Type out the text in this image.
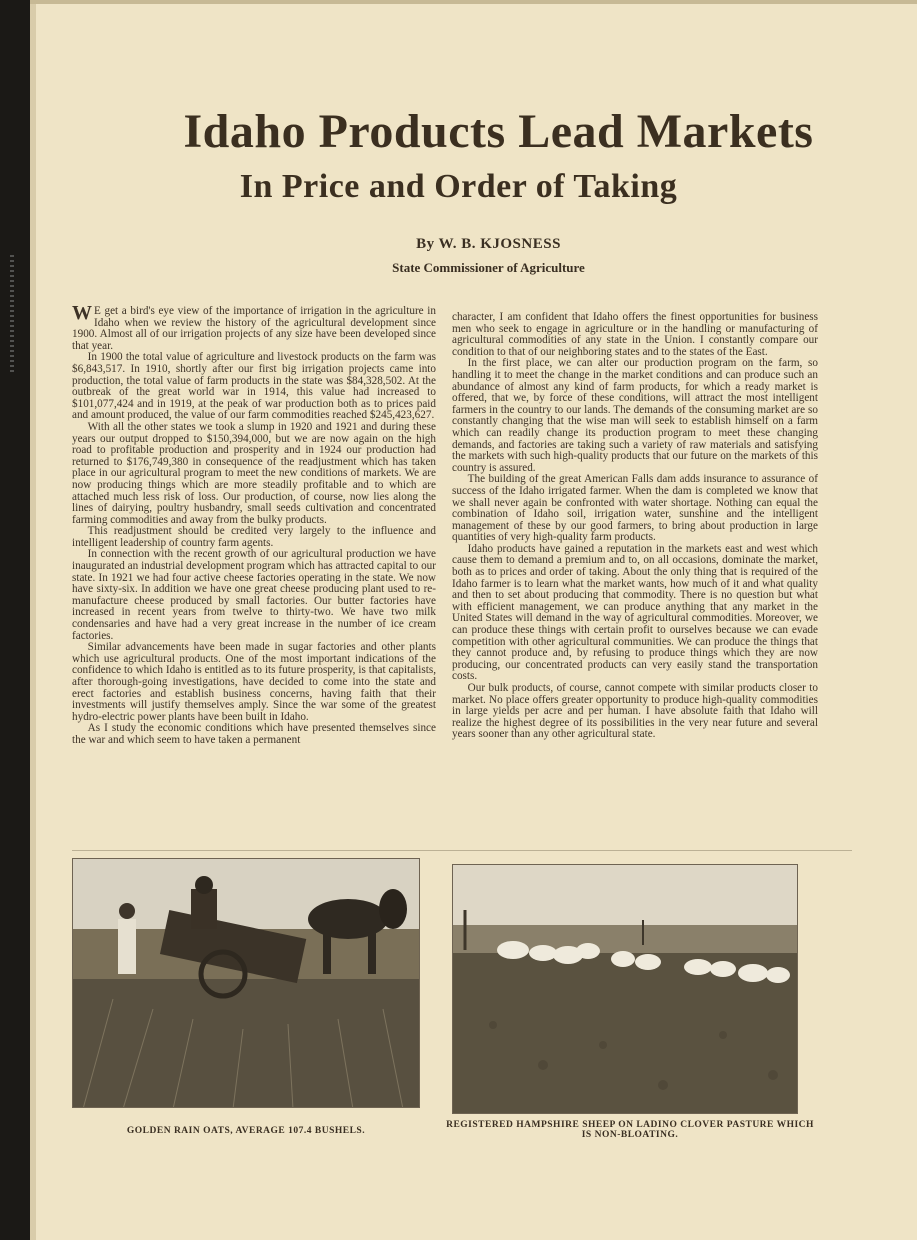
Idaho Products Lead Markets
In Price and Order of Taking
By W. B. KJOSNESS
State Commissioner of Agriculture

W E get a bird's eye view of the importance of irrigation in the agriculture in Idaho when we review the history of the agricultural development since 1900. Almost all of our irrigation projects of any size have been developed since that year.

In 1900 the total value of agriculture and livestock products on the farm was $6,843,517. In 1910, shortly after our first big irrigation projects came into production, the total value of farm products in the state was $84,328,502. At the outbreak of the great world war in 1914, this value had increased to $101,077,424 and in 1919, at the peak of war production both as to prices paid and amount produced, the value of our farm commodities reached $245,423,627.

With all the other states we took a slump in 1920 and 1921 and during these years our output dropped to $150,394,000, but we are now again on the high road to profitable production and prosperity and in 1924 our production had returned to $176,749,380 in consequence of the readjustment which has taken place in our agricultural program to meet the new conditions of markets. We are now producing things which are more steadily profitable and to which are attached much less risk of loss. Our production, of course, now lies along the lines of dairying, poultry husbandry, small seeds cultivation and concentrated farming commodities and away from the bulky products.

This readjustment should be credited very largely to the influence and intelligent leadership of country farm agents.

In connection with the recent growth of our agricultural production we have inaugurated an industrial development program which has attracted capital to our state. In 1921 we had four active cheese factories operating in the state. We now have sixty-six. In addition we have one great cheese producing plant used to re-manufacture cheese produced by small factories. Our butter factories have increased in recent years from twelve to thirty-two. We have two milk condensaries and have had a very great increase in the number of ice cream factories.

Similar advancements have been made in sugar factories and other plants which use agricultural products. One of the most important indications of the confidence to which Idaho is entitled as to its future prosperity, is that capitalists, after thorough-going investigations, have decided to come into the state and erect factories and establish business concerns, having faith that their investments will justify themselves amply. Since the war some of the greatest hydro-electric power plants have been built in Idaho.

As I study the economic conditions which have presented themselves since the war and which seem to have taken a permanent

character, I am confident that Idaho offers the finest opportunities for business men who seek to engage in agriculture or in the handling or manufacturing of agricultural commodities of any state in the Union. I constantly compare our condition to that of our neighboring states and to the states of the East.

In the first place, we can alter our production program on the farm, so handling it to meet the change in the market conditions and can produce such an abundance of almost any kind of farm products, for which a ready market is offered, that we, by force of these conditions, will attract the most intelligent farmers in the country to our lands. The demands of the consuming market are so constantly changing that the wise man will seek to establish himself on a farm which can readily change its production program to meet these changing demands, and factories are taking such a variety of raw materials and satisfying the markets with such high-quality products that our future on the markets of this country is assured.

The building of the great American Falls dam adds insurance to assurance of success of the Idaho irrigated farmer. When the dam is completed we know that we shall never again be confronted with water shortage. Nothing can equal the combination of Idaho soil, irrigation water, sunshine and the intelligent management of these by our good farmers, to bring about production in large quantities of very high-quality farm products.

Idaho products have gained a reputation in the markets east and west which cause them to demand a premium and to, on all occasions, dominate the market, both as to prices and order of taking. About the only thing that is required of the Idaho farmer is to learn what the market wants, how much of it and what quality and then to set about producing that commodity. There is no question but what with efficient management, we can produce anything that any market in the United States will demand in the way of agricultural commodities. Moreover, we can produce these things with certain profit to ourselves because we can evade competition with other agricultural communities. We can produce the things that they cannot produce and, by refusing to produce things which they are now producing, our concentrated products can very easily stand the transportation costs.

Our bulk products, of course, cannot compete with similar products closer to market. No place offers greater opportunity to produce high-quality commodities in large yields per acre and per human. I have absolute faith that Idaho will realize the highest degree of its possibilities in the very near future and several years sooner than any other agricultural state.

GOLDEN RAIN OATS, AVERAGE 107.4 BUSHELS.
REGISTERED HAMPSHIRE SHEEP ON LADINO CLOVER PASTURE WHICH IS NON-BLOATING.
